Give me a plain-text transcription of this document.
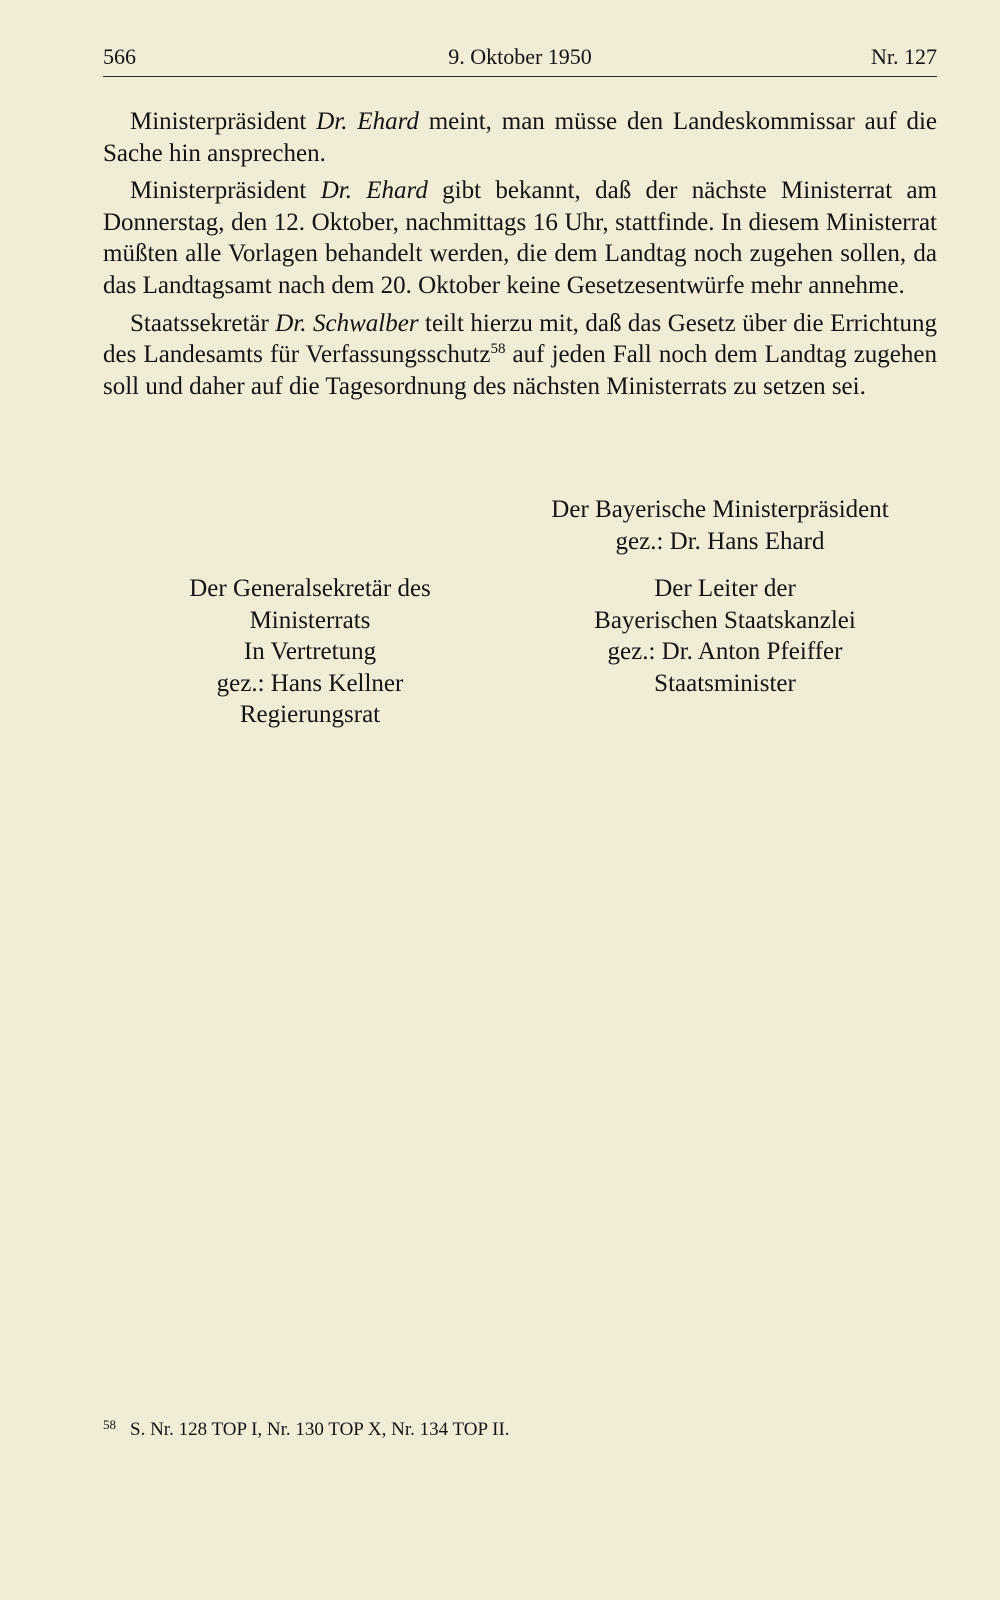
566	9. Oktober 1950	Nr. 127

Ministerpräsident Dr. Ehard meint, man müsse den Landeskommissar auf die Sache hin ansprechen.

Ministerpräsident Dr. Ehard gibt bekannt, daß der nächste Ministerrat am Donnerstag, den 12. Oktober, nachmittags 16 Uhr, stattfinde. In diesem Ministerrat müßten alle Vorlagen behandelt werden, die dem Landtag noch zugehen sollen, da das Landtagsamt nach dem 20. Oktober keine Gesetzesentwürfe mehr annehme.

Staatssekretär Dr. Schwalber teilt hierzu mit, daß das Gesetz über die Errichtung des Landesamts für Verfassungsschutz$^{58}$ auf jeden Fall noch dem Landtag zugehen soll und daher auf die Tagesordnung des nächsten Ministerrats zu setzen sei.

Der Bayerische Ministerpräsident
gez.: Dr. Hans Ehard
Der Generalsekretär des
Ministerrats
In Vertretung
gez.: Hans Kellner
Regierungsrat
Der Leiter der
Bayerischen Staatskanzlei
gez.: Dr. Anton Pfeiffer
Staatsminister
$^{58}$ S. Nr. 128 TOP I, Nr. 130 TOP X, Nr. 134 TOP II.
